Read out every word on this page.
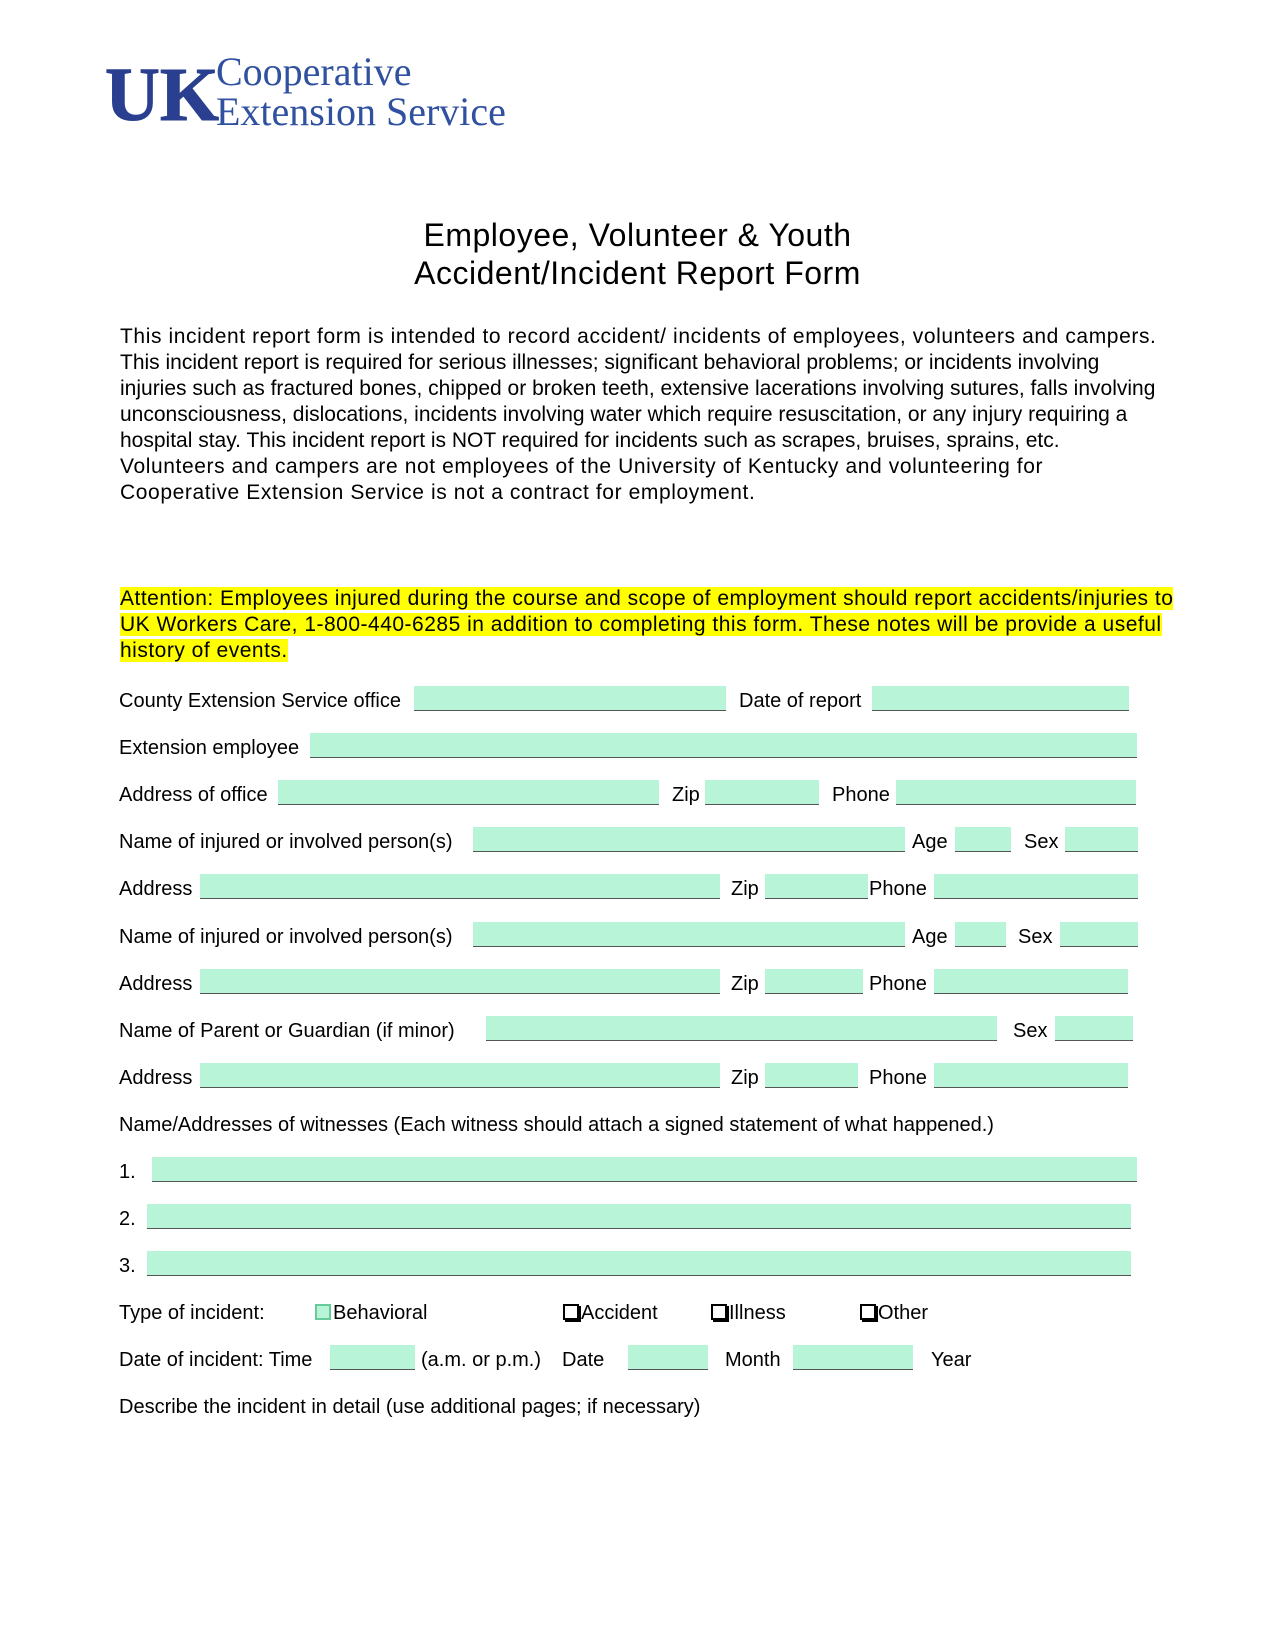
UK
Cooperative
Extension Service
Employee, Volunteer & Youth
Accident/Incident Report Form

This incident report form is intended to record accident/ incidents of employees, volunteers and campers.

This incident report is required for serious illnesses; significant behavioral problems; or incidents involving injuries such as fractured bones, chipped or broken teeth, extensive lacerations involving sutures, falls involving unconsciousness, dislocations, incidents involving water which require resuscitation, or any injury requiring a hospital stay. This incident report is NOT required for incidents such as scrapes, bruises, sprains, etc.

Volunteers and campers are not employees of the University of Kentucky and volunteering for Cooperative Extension Service is not a contract for employment.

Attention: Employees injured during the course and scope of employment should report accidents/injuries to UK Workers Care, 1-800-440-6285 in addition to completing this form. These notes will be provide a useful history of events.
County Extension Service office	Date of report
Extension employee
Address of office	Zip	Phone
Name of injured or involved person(s)	Age	Sex
Address	Zip	Phone
Name of injured or involved person(s)	Age	Sex
Address	Zip	Phone
Name of Parent or Guardian (if minor)	Sex
Address	Zip	Phone
Name/Addresses of witnesses (Each witness should attach a signed statement of what happened.)
1.
2.
3.
Type of incident:	Behavioral	Accident	Illness	Other
Date of incident: Time	(a.m. or p.m.) Date	Month	Year
Describe the incident in detail (use additional pages; if necessary)
